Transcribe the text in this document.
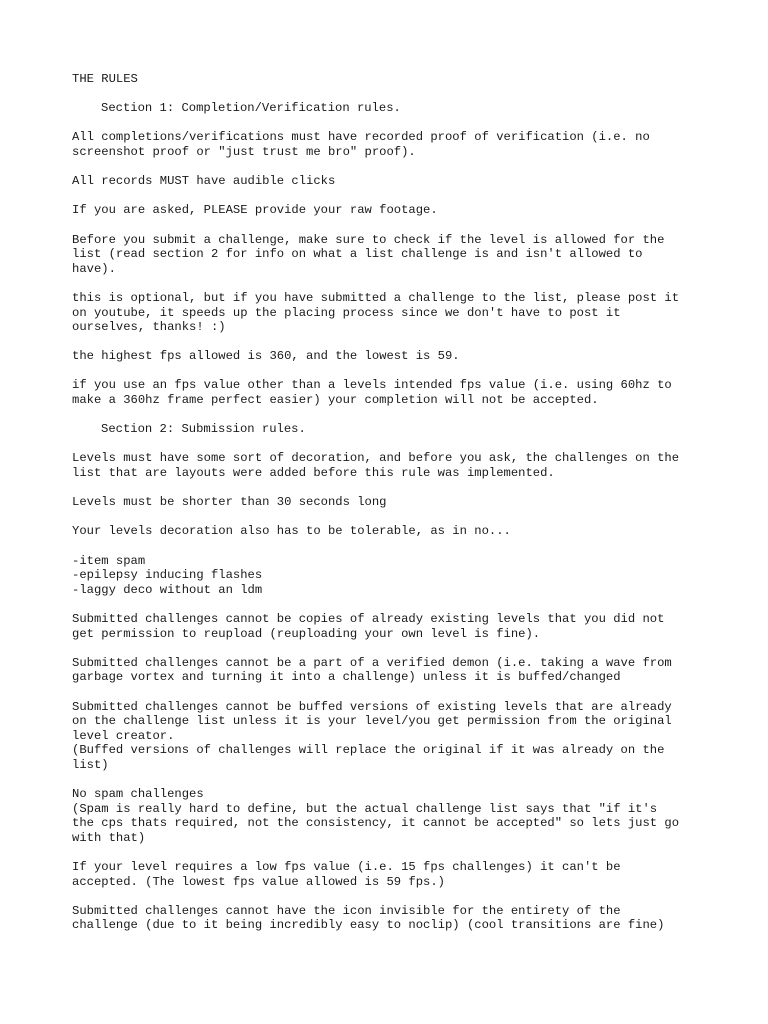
THE RULES
Section 1: Completion/Verification rules.
All completions/verifications must have recorded proof of verification (i.e. no
screenshot proof or "just trust me bro" proof).
All records MUST have audible clicks
If you are asked, PLEASE provide your raw footage.
Before you submit a challenge, make sure to check if the level is allowed for the
list (read section 2 for info on what a list challenge is and isn't allowed to
have).
this is optional, but if you have submitted a challenge to the list, please post it
on youtube, it speeds up the placing process since we don't have to post it
ourselves, thanks! :)
the highest fps allowed is 360, and the lowest is 59.
if you use an fps value other than a levels intended fps value (i.e. using 60hz to
make a 360hz frame perfect easier) your completion will not be accepted.
Section 2: Submission rules.
Levels must have some sort of decoration, and before you ask, the challenges on the
list that are layouts were added before this rule was implemented.
Levels must be shorter than 30 seconds long
Your levels decoration also has to be tolerable, as in no...
-item spam
-epilepsy inducing flashes
-laggy deco without an ldm
Submitted challenges cannot be copies of already existing levels that you did not
get permission to reupload (reuploading your own level is fine).
Submitted challenges cannot be a part of a verified demon (i.e. taking a wave from
garbage vortex and turning it into a challenge) unless it is buffed/changed
Submitted challenges cannot be buffed versions of existing levels that are already
on the challenge list unless it is your level/you get permission from the original
level creator.
(Buffed versions of challenges will replace the original if it was already on the
list)
No spam challenges
(Spam is really hard to define, but the actual challenge list says that "if it's
the cps thats required, not the consistency, it cannot be accepted" so lets just go
with that)
If your level requires a low fps value (i.e. 15 fps challenges) it can't be
accepted. (The lowest fps value allowed is 59 fps.)
Submitted challenges cannot have the icon invisible for the entirety of the
challenge (due to it being incredibly easy to noclip) (cool transitions are fine)
